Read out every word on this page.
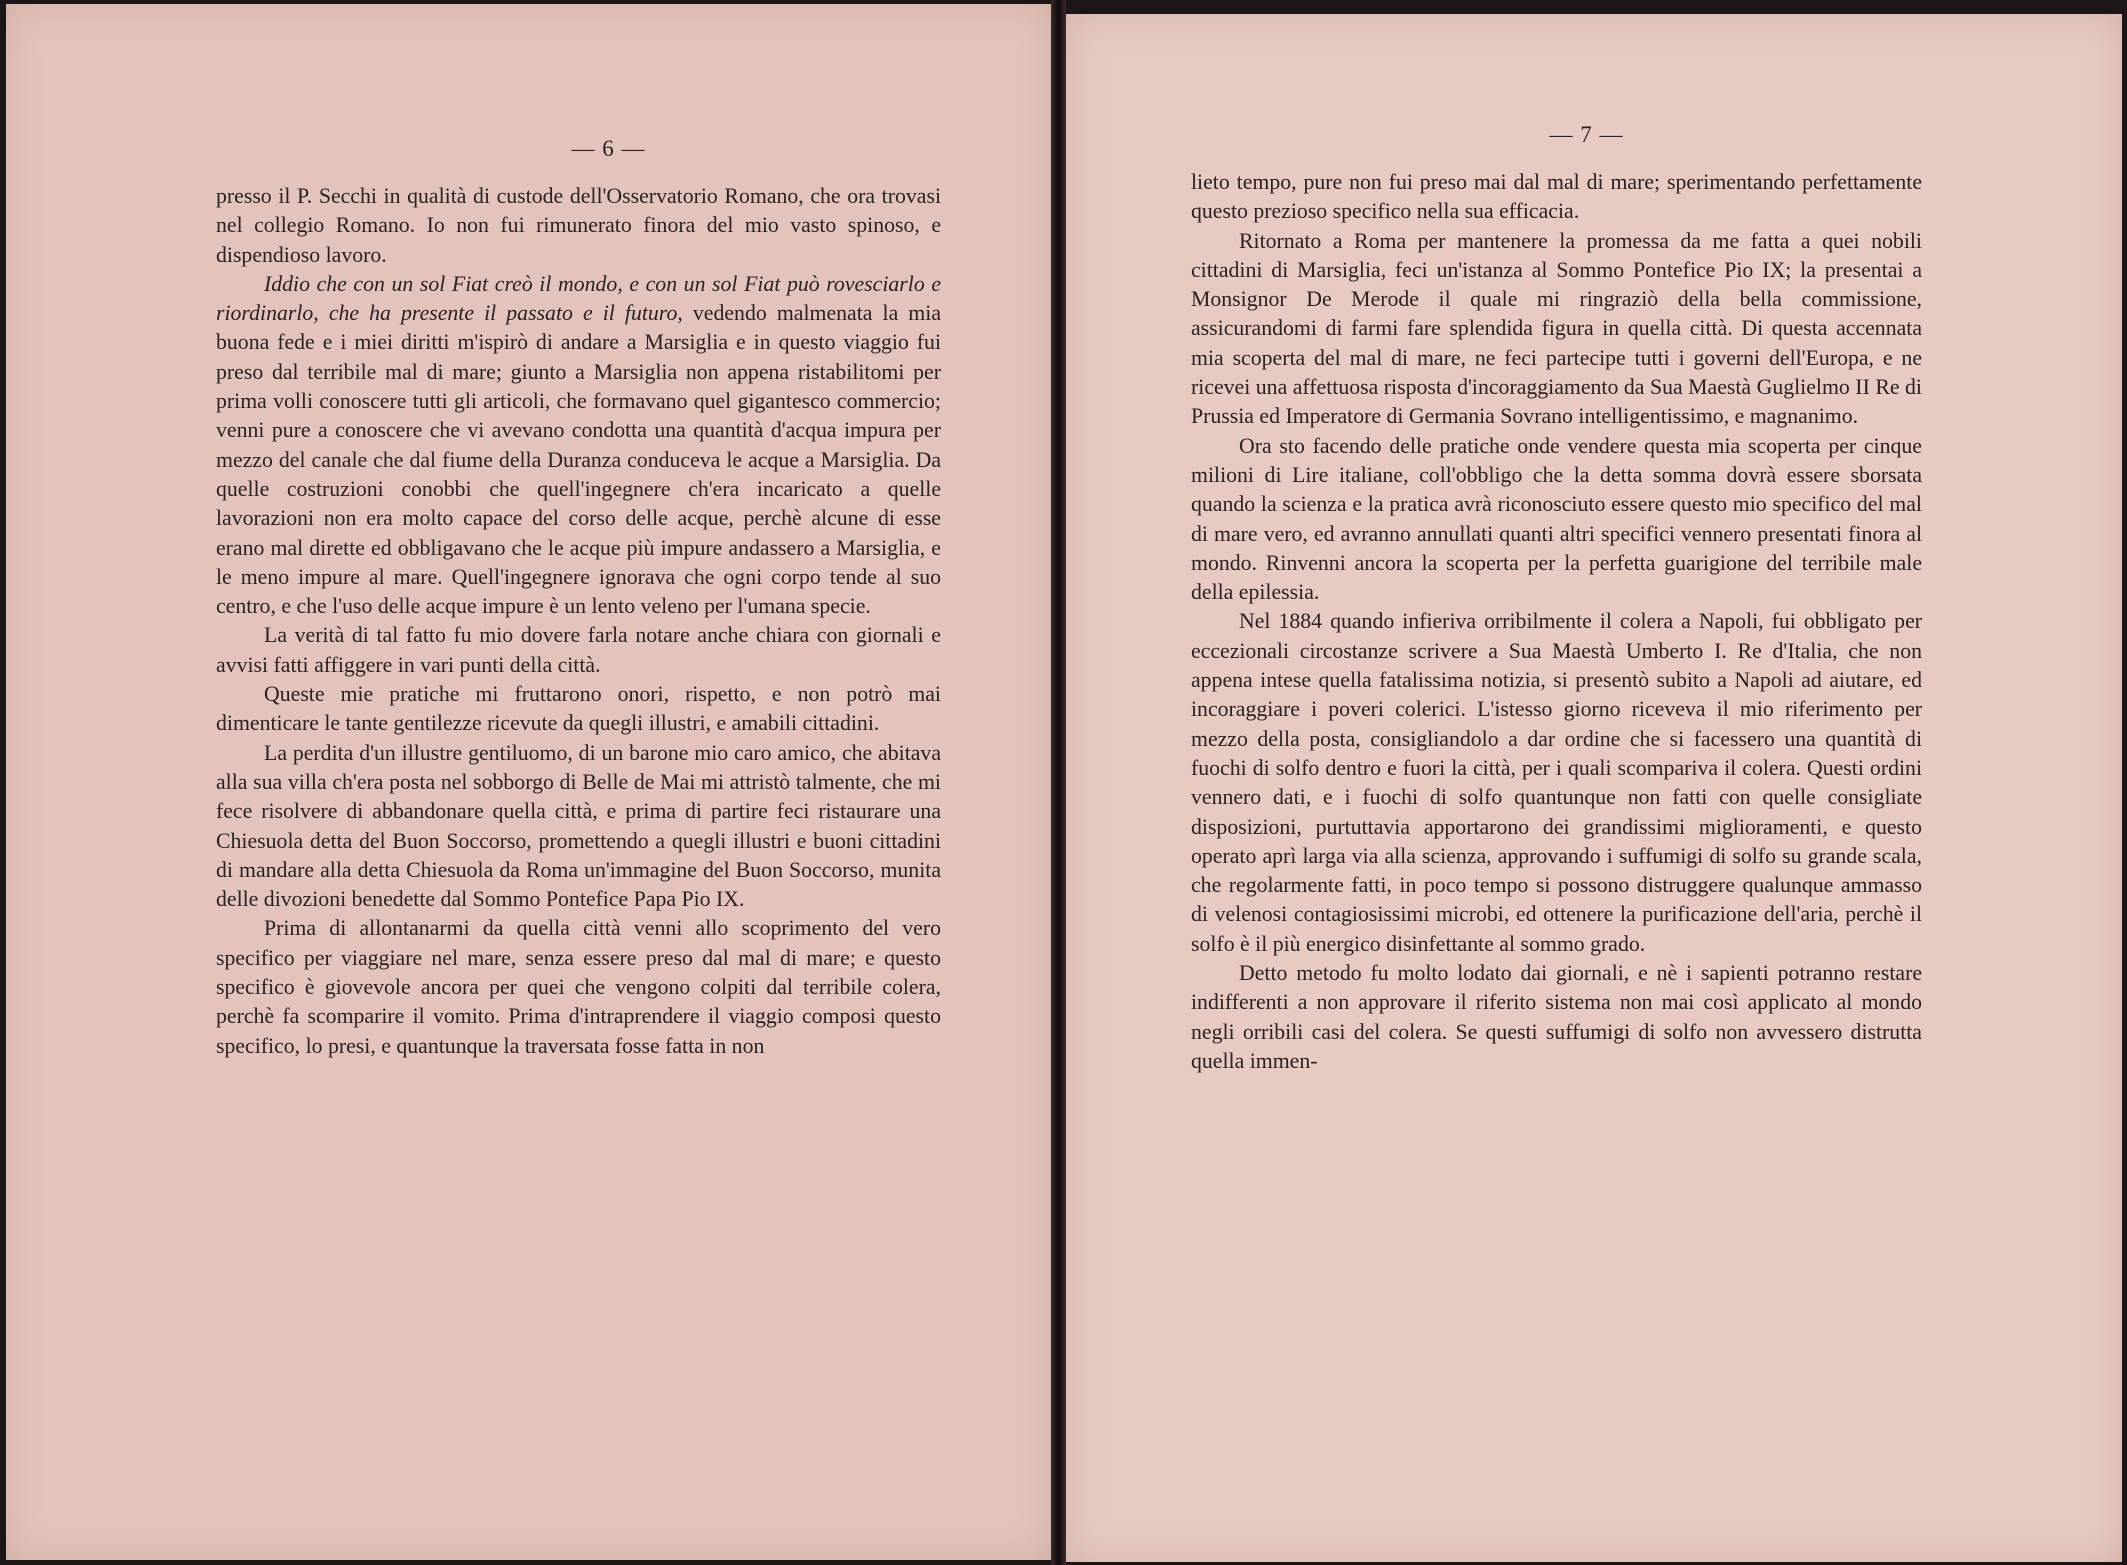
— 6 —

presso il P. Secchi in qualità di custode dell'Osservatorio Romano, che ora trovasi nel collegio Romano. Io non fui rimunerato finora del mio vasto spinoso, e dispendioso lavoro.

Iddio che con un sol Fiat creò il mondo, e con un sol Fiat può rovesciarlo e riordinarlo, che ha presente il passato e il futuro, vedendo malmenata la mia buona fede e i miei diritti m'ispirò di andare a Marsiglia e in questo viaggio fui preso dal terribile mal di mare; giunto a Marsiglia non appena ristabilitomi per prima volli conoscere tutti gli articoli, che formavano quel gigantesco commercio; venni pure a conoscere che vi avevano condotta una quantità d'acqua impura per mezzo del canale che dal fiume della Duranza conduceva le acque a Marsiglia. Da quelle costruzioni conobbi che quell'ingegnere ch'era incaricato a quelle lavorazioni non era molto capace del corso delle acque, perchè alcune di esse erano mal dirette ed obbligavano che le acque più impure andassero a Marsiglia, e le meno impure al mare. Quell'ingegnere ignorava che ogni corpo tende al suo centro, e che l'uso delle acque impure è un lento veleno per l'umana specie.

La verità di tal fatto fu mio dovere farla notare anche chiara con giornali e avvisi fatti affiggere in vari punti della città.

Queste mie pratiche mi fruttarono onori, rispetto, e non potrò mai dimenticare le tante gentilezze ricevute da quegli illustri, e amabili cittadini.

La perdita d'un illustre gentiluomo, di un barone mio caro amico, che abitava alla sua villa ch'era posta nel sobborgo di Belle de Mai mi attristò talmente, che mi fece risolvere di abbandonare quella città, e prima di partire feci ristaurare una Chiesuola detta del Buon Soccorso, promettendo a quegli illustri e buoni cittadini di mandare alla detta Chiesuola da Roma un'immagine del Buon Soccorso, munita delle divozioni benedette dal Sommo Pontefice Papa Pio IX.

Prima di allontanarmi da quella città venni allo scoprimento del vero specifico per viaggiare nel mare, senza essere preso dal mal di mare; e questo specifico è giovevole ancora per quei che vengono colpiti dal terribile colera, perchè fa scomparire il vomito. Prima d'intraprendere il viaggio composi questo specifico, lo presi, e quantunque la traversata fosse fatta in non

— 7 —

lieto tempo, pure non fui preso mai dal mal di mare; sperimentando perfettamente questo prezioso specifico nella sua efficacia.

Ritornato a Roma per mantenere la promessa da me fatta a quei nobili cittadini di Marsiglia, feci un'istanza al Sommo Pontefice Pio IX; la presentai a Monsignor De Merode il quale mi ringraziò della bella commissione, assicurandomi di farmi fare splendida figura in quella città. Di questa accennata mia scoperta del mal di mare, ne feci partecipe tutti i governi dell'Europa, e ne ricevei una affettuosa risposta d'incoraggiamento da Sua Maestà Guglielmo II Re di Prussia ed Imperatore di Germania Sovrano intelligentissimo, e magnanimo.

Ora sto facendo delle pratiche onde vendere questa mia scoperta per cinque milioni di Lire italiane, coll'obbligo che la detta somma dovrà essere sborsata quando la scienza e la pratica avrà riconosciuto essere questo mio specifico del mal di mare vero, ed avranno annullati quanti altri specifici vennero presentati finora al mondo. Rinvenni ancora la scoperta per la perfetta guarigione del terribile male della epilessia.

Nel 1884 quando infieriva orribilmente il colera a Napoli, fui obbligato per eccezionali circostanze scrivere a Sua Maestà Umberto I. Re d'Italia, che non appena intese quella fatalissima notizia, si presentò subito a Napoli ad aiutare, ed incoraggiare i poveri colerici. L'istesso giorno riceveva il mio riferimento per mezzo della posta, consigliandolo a dar ordine che si facessero una quantità di fuochi di solfo dentro e fuori la città, per i quali scompariva il colera. Questi ordini vennero dati, e i fuochi di solfo quantunque non fatti con quelle consigliate disposizioni, purtuttavia apportarono dei grandissimi miglioramenti, e questo operato aprì larga via alla scienza, approvando i suffumigi di solfo su grande scala, che regolarmente fatti, in poco tempo si possono distruggere qualunque ammasso di velenosi contagiosissimi microbi, ed ottenere la purificazione dell'aria, perchè il solfo è il più energico disinfettante al sommo grado.

Detto metodo fu molto lodato dai giornali, e nè i sapienti potranno restare indifferenti a non approvare il riferito sistema non mai così applicato al mondo negli orribili casi del colera. Se questi suffumigi di solfo non avvessero distrutta quella immen-
